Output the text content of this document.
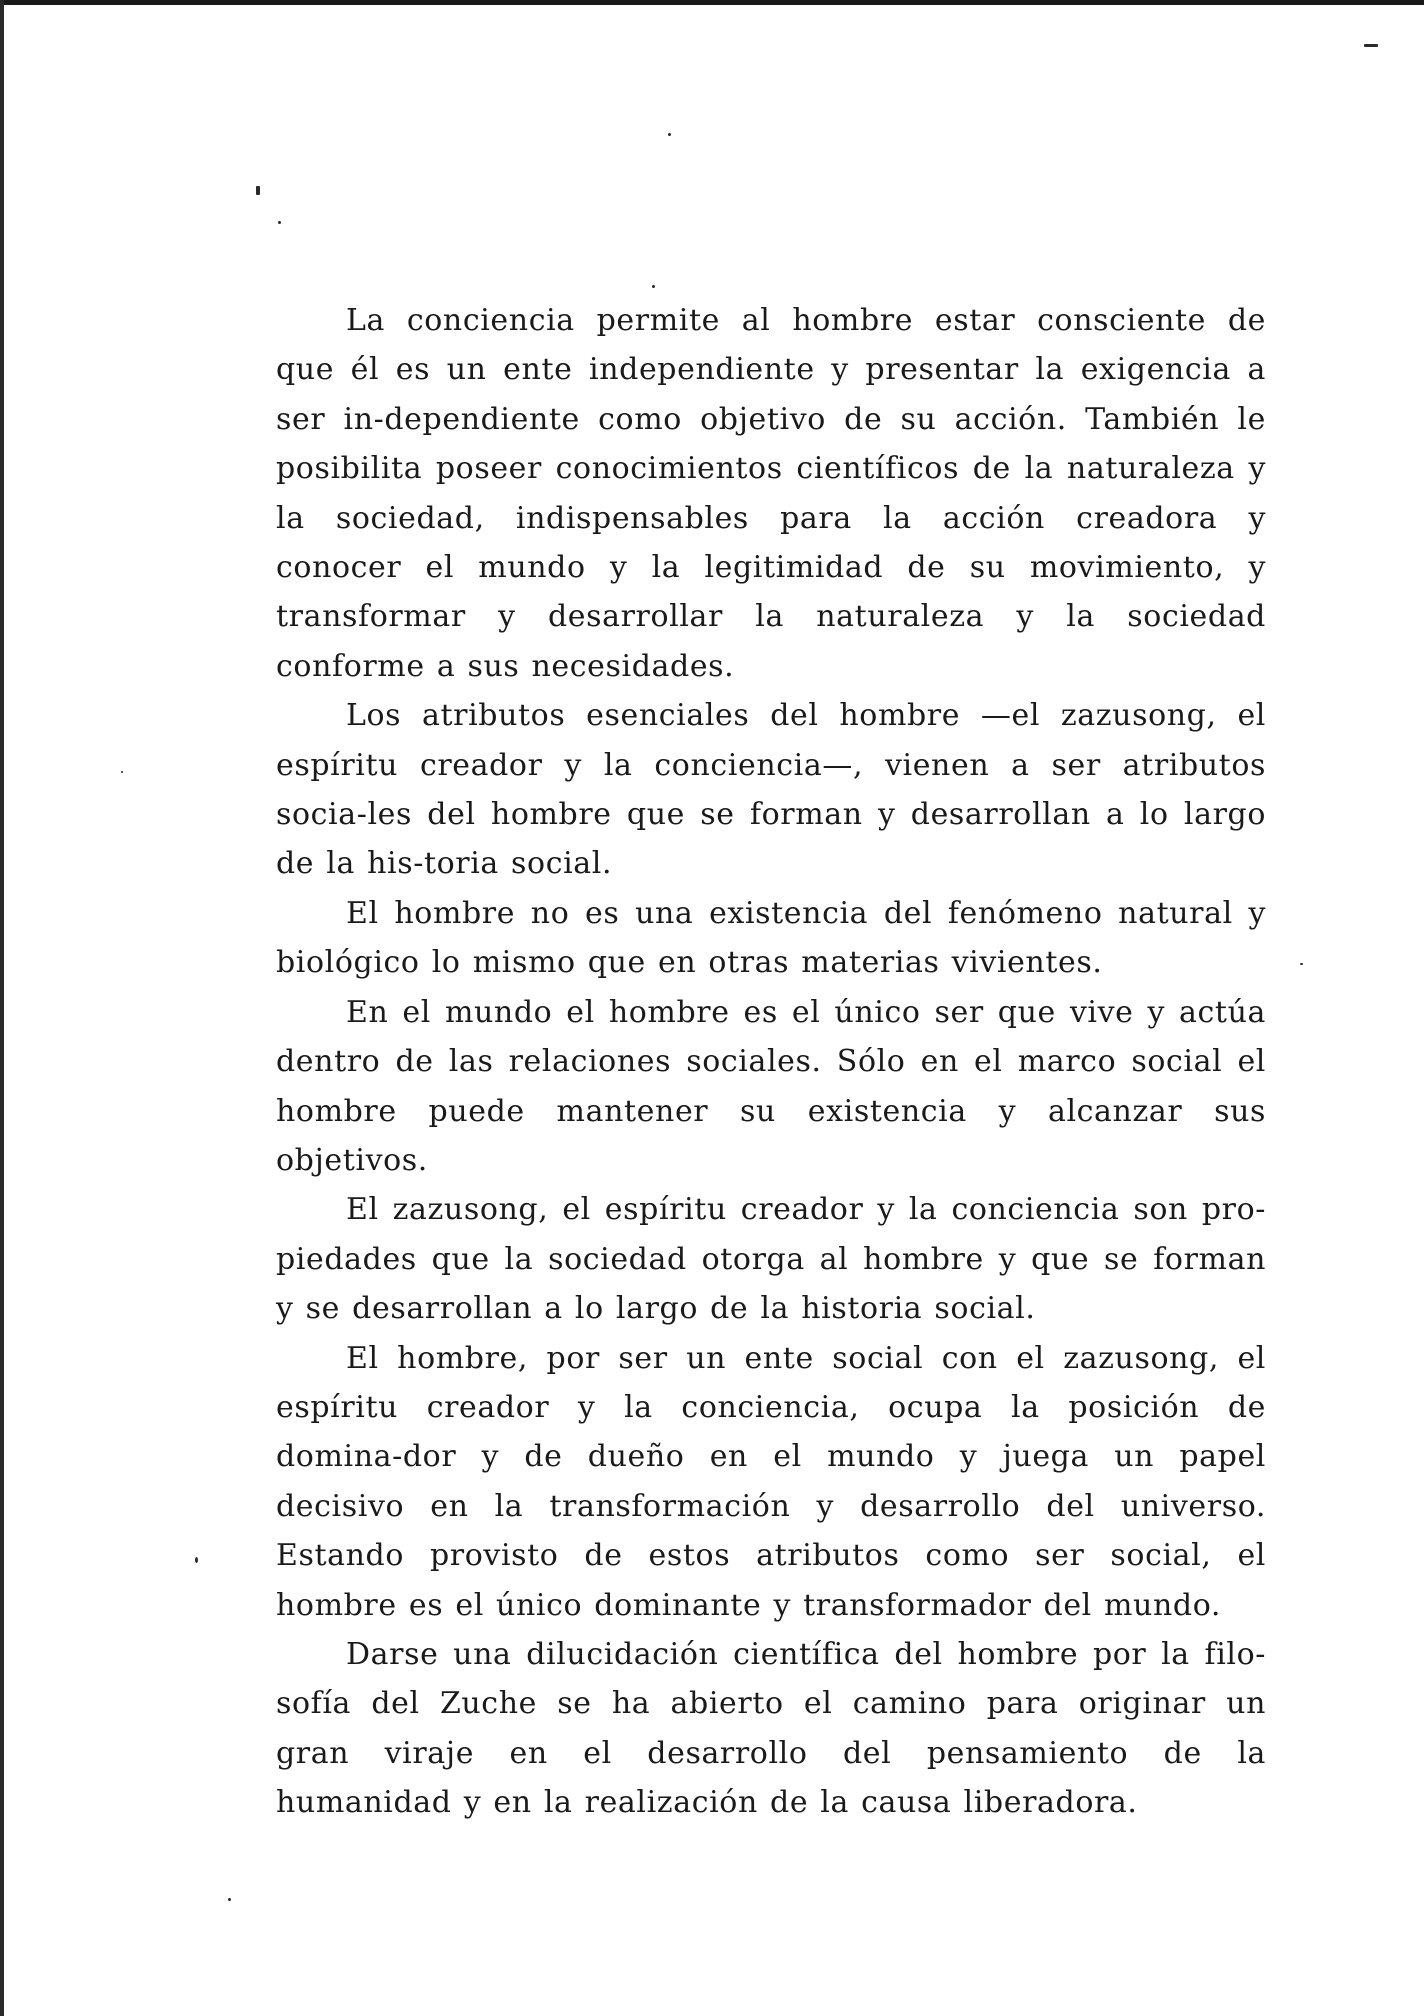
La conciencia permite al hombre estar consciente de que él es un ente independiente y presentar la exigencia a ser in-dependiente como objetivo de su acción. También le posibilita poseer conocimientos científicos de la naturaleza y la sociedad, indispensables para la acción creadora y conocer el mundo y la legitimidad de su movimiento, y transformar y desarrollar la naturaleza y la sociedad conforme a sus necesidades.

Los atributos esenciales del hombre —el zazusong, el espíritu creador y la conciencia—, vienen a ser atributos socia-les del hombre que se forman y desarrollan a lo largo de la his-toria social.

El hombre no es una existencia del fenómeno natural y biológico lo mismo que en otras materias vivientes.

En el mundo el hombre es el único ser que vive y actúa dentro de las relaciones sociales. Sólo en el marco social el hombre puede mantener su existencia y alcanzar sus objetivos.

El zazusong, el espíritu creador y la conciencia son pro-piedades que la sociedad otorga al hombre y que se forman y se desarrollan a lo largo de la historia social.

El hombre, por ser un ente social con el zazusong, el espíritu creador y la conciencia, ocupa la posición de domina-dor y de dueño en el mundo y juega un papel decisivo en la transformación y desarrollo del universo. Estando provisto de estos atributos como ser social, el hombre es el único dominante y transformador del mundo.

Darse una dilucidación científica del hombre por la filo-sofía del Zuche se ha abierto el camino para originar un gran viraje en el desarrollo del pensamiento de la humanidad y en la realización de la causa liberadora.
